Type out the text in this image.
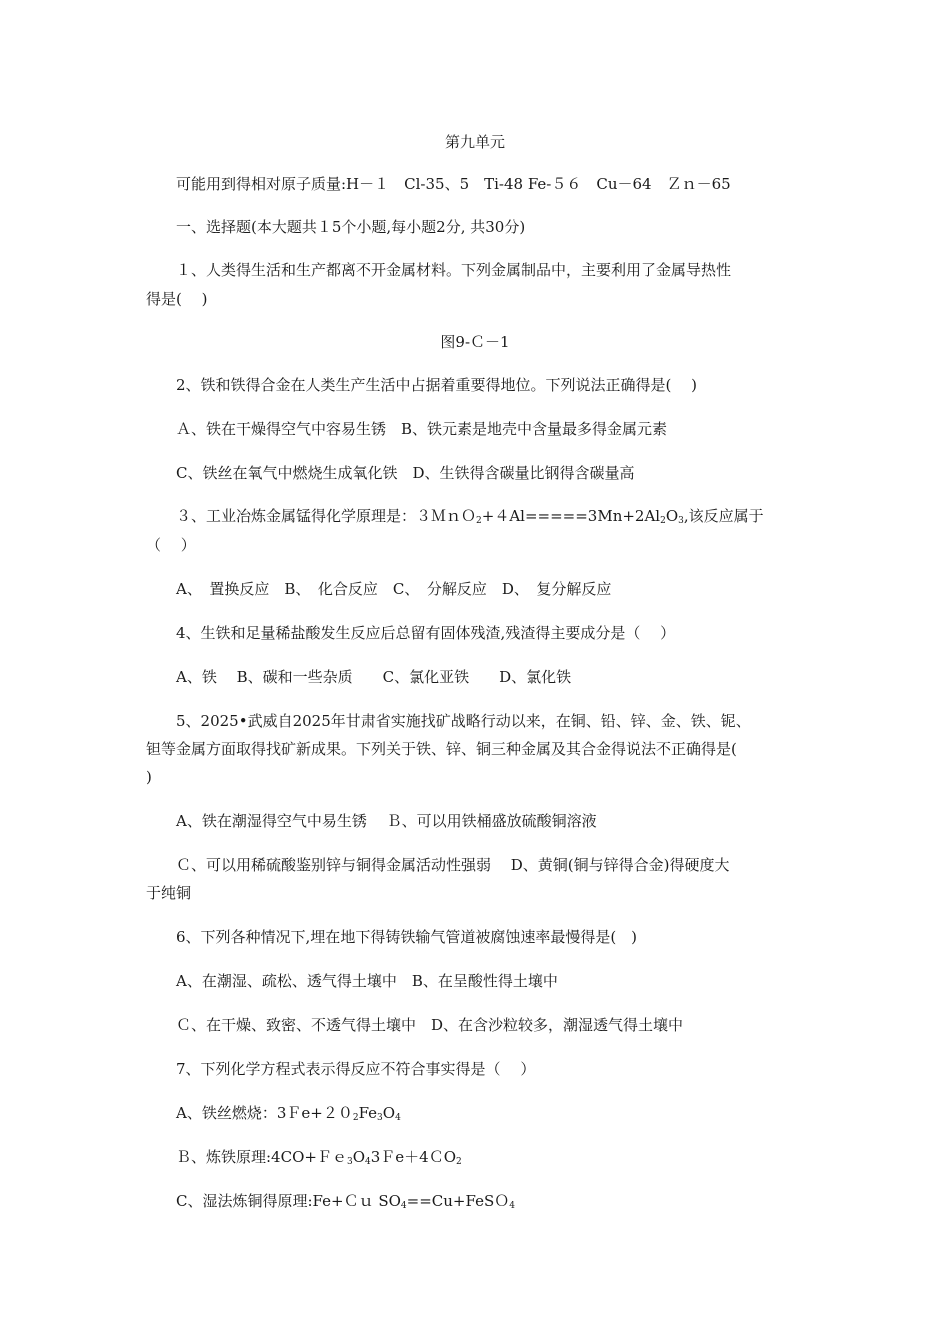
第九单元
可能用到得相对原子质量:H－１　Cl-35、5　Ti-48 Fe-５６　Cu－64　Ｚｎ－65
一、选择题(本大题共１5个小题,每小题2分, 共30分)
１、人类得生活和生产都离不开金属材料。下列金属制品中，主要利用了金属导热性
得是(　 )
图9-Ｃ－1
2、铁和铁得合金在人类生产生活中占据着重要得地位。下列说法正确得是(　 )
Ａ、铁在干燥得空气中容易生锈　B、铁元素是地壳中含量最多得金属元素
C、铁丝在氧气中燃烧生成氧化铁　D、生铁得含碳量比钢得含碳量高
３、工业冶炼金属锰得化学原理是：$3MnO_2+4Al=====3Mn+2Al_2O_3$,该反应属于
（　 ）
A、　置换反应　B、　化合反应　C、　分解反应　D、　复分解反应
4、生铁和足量稀盐酸发生反应后总留有固体残渣,残渣得主要成分是（　 ）
A、铁　 B、碳和一些杂质　　C、氯化亚铁　　D、氯化铁
5、2025•武威自2025年甘肃省实施找矿战略行动以来，在铜、铅、锌、金、铁、铌、
钽等金属方面取得找矿新成果。下列关于铁、锌、铜三种金属及其合金得说法不正确得是(
)
A、铁在潮湿得空气中易生锈　 Ｂ、可以用铁桶盛放硫酸铜溶液
Ｃ、可以用稀硫酸鉴别锌与铜得金属活动性强弱　 D、黄铜(铜与锌得合金)得硬度大
于纯铜
6、下列各种情况下,埋在地下得铸铁输气管道被腐蚀速率最慢得是(　)
A、在潮湿、疏松、透气得土壤中　B、在呈酸性得土壤中
Ｃ、在干燥、致密、不透气得土壤中　D、在含沙粒较多，潮湿透气得土壤中
7、下列化学方程式表示得反应不符合事实得是（　 ）
A、铁丝燃烧：$3Fe+20_2Fe_3O_4$
Ｂ、炼铁原理$:4CO+Fe_3O_43Fe+4CO_2$
C、湿法炼铜得原理:Fe+Ｃｕ $SO_4==Cu+FeSO_4$
